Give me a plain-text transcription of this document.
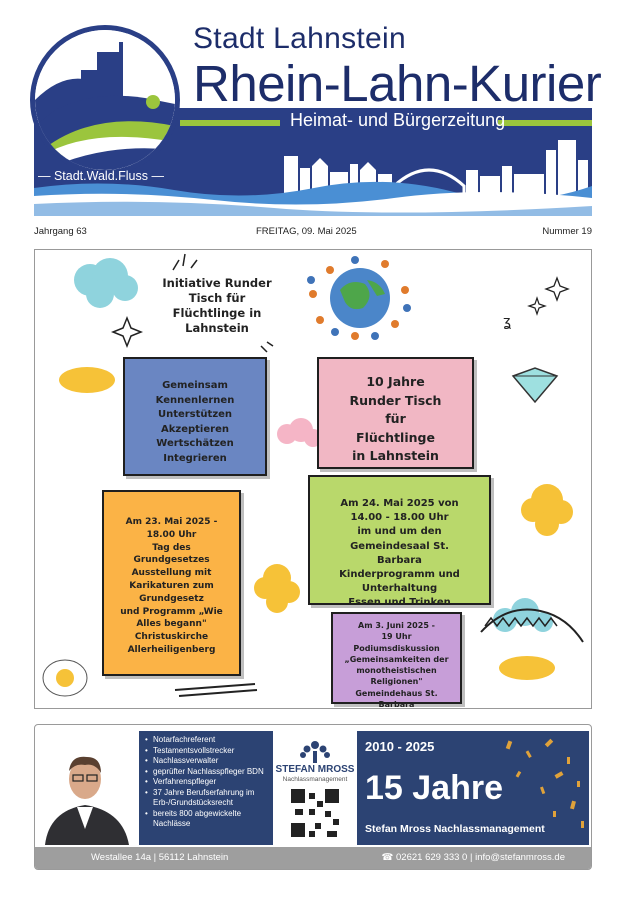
Stadt Lahnstein
Rhein-Lahn-Kurier
Heimat- und Bürgerzeitung
— Stadt.Wald.Fluss —
Jahrgang 63	FREITAG, 09. Mai 2025	Nummer 19
ʓ
Initiative Runder
Tisch für
Flüchtlinge in
Lahnstein
Gemeinsam
Kennenlernen
Unterstützen
Akzeptieren
Wertschätzen
Integrieren
10 Jahre
Runder Tisch
für
Flüchtlinge
in Lahnstein
Am 23. Mai 2025 -
18.00 Uhr
Tag des
Grundgesetzes
Ausstellung mit
Karikaturen zum
Grundgesetz
und Programm „Wie
Alles begann"
Christuskirche
Allerheiligenberg
Am 24. Mai 2025 von
14.00 - 18.00 Uhr
im und um den
Gemeindesaal St.
Barbara
Kinderprogramm und
Unterhaltung
Essen und Trinken
Am 3. Juni 2025 -
19 Uhr
Podiumsdiskussion
„Gemeinsamkeiten der
monotheistischen
Religionen"
Gemeindehaus St.
Barbara
• Notarfachreferent
• Testamentsvollstrecker
• Nachlassverwalter
• geprüfter Nachlasspfleger BDN
• Verfahrenspfleger
• 37 Jahre Berufserfahrung im Erb-/Grundstücksrecht
• bereits 800 abgewickelte Nachlässe
STEFAN MROSS
Nachlassmanagement
2010 - 2025
15 Jahre
Stefan Mross Nachlassmanagement
Westallee 14a | 56112 Lahnstein	☎ 02621 629 333 0 | info@stefanmross.de
